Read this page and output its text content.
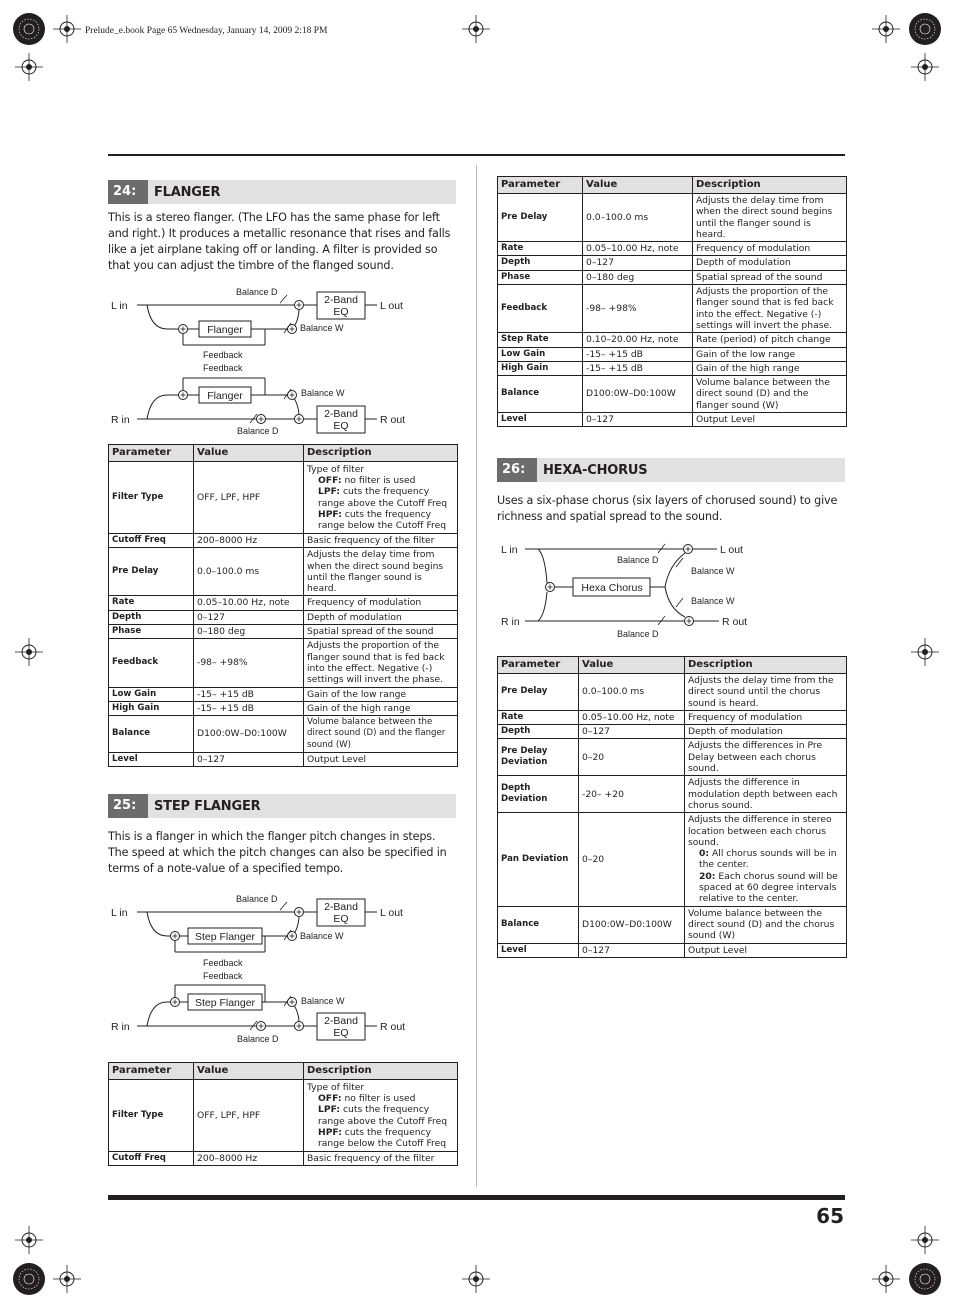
Prelude_e.book Page 65 Wednesday, January 14, 2009 2:18 PM
65
24:	FLANGER
This is a stereo flanger. (The LFO has the same phase for left and right.) It produces a metallic resonance that rises and falls like a jet airplane taking off or landing. A filter is provided so that you can adjust the timbre of the flanged sound.
L in	L out
R in	R out
Flanger
Flanger
2-Band
EQ
2-Band
EQ
Balance D
Balance W
Feedback
Feedback
Balance W
Balance D
Parameter	Value	Description
Filter Type	OFF, LPF, HPF	Type of filter
OFF: no filter is used
LPF: cuts the frequency range above the Cutoff Freq
HPF: cuts the frequency range below the Cutoff Freq

Cutoff Freq	200–8000 Hz	Basic frequency of the filter
Pre Delay	0.0–100.0 ms	Adjusts the delay time from when the direct sound begins until the flanger sound is heard.
Rate	0.05–10.00 Hz, note	Frequency of modulation
Depth	0–127	Depth of modulation
Phase	0–180 deg	Spatial spread of the sound
Feedback	-98– +98%	Adjusts the proportion of the flanger sound that is fed back into the effect. Negative (-) settings will invert the phase.
Low Gain	-15– +15 dB	Gain of the low range
High Gain	-15– +15 dB	Gain of the high range
Balance	D100:0W–D0:100W	Volume balance between the direct sound (D) and the flanger sound (W)
Level	0–127	Output Level
25:	STEP FLANGER
This is a flanger in which the flanger pitch changes in steps. The speed at which the pitch changes can also be specified in terms of a note-value of a specified tempo.
L in	L out
R in	R out
Step Flanger
Step Flanger
2-Band
EQ
2-Band
EQ
Balance D
Balance W
Feedback
Feedback
Balance W
Balance D
Parameter	Value	Description
Filter Type	OFF, LPF, HPF	Type of filter
OFF: no filter is used
LPF: cuts the frequency range above the Cutoff Freq
HPF: cuts the frequency range below the Cutoff Freq

Cutoff Freq	200–8000 Hz	Basic frequency of the filter
Parameter	Value	Description
Pre Delay	0.0–100.0 ms	Adjusts the delay time from when the direct sound begins until the flanger sound is heard.
Rate	0.05–10.00 Hz, note	Frequency of modulation
Depth	0–127	Depth of modulation
Phase	0–180 deg	Spatial spread of the sound
Feedback	-98– +98%	Adjusts the proportion of the flanger sound that is fed back into the effect. Negative (-) settings will invert the phase.
Step Rate	0.10–20.00 Hz, note	Rate (period) of pitch change
Low Gain	-15– +15 dB	Gain of the low range
High Gain	-15– +15 dB	Gain of the high range
Balance	D100:0W–D0:100W	Volume balance between the direct sound (D) and the flanger sound (W)
Level	0–127	Output Level
26:	HEXA-CHORUS
Uses a six-phase chorus (six layers of chorused sound) to give richness and spatial spread to the sound.
L in	L out
R in	R out
Hexa Chorus
Balance D
Balance W
Balance W
Balance D
Parameter	Value	Description
Pre Delay	0.0–100.0 ms	Adjusts the delay time from the direct sound until the chorus sound is heard.
Rate	0.05–10.00 Hz, note	Frequency of modulation
Depth	0–127	Depth of modulation
Pre Delay Deviation	0–20	Adjusts the differences in Pre Delay between each chorus sound.
Depth Deviation	-20– +20	Adjusts the difference in modulation depth between each chorus sound.
Pan Deviation	0–20	Adjusts the difference in stereo location between each chorus sound.
0: All chorus sounds will be in the center.
20: Each chorus sound will be spaced at 60 degree intervals relative to the center.

Balance	D100:0W–D0:100W	Volume balance between the direct sound (D) and the chorus sound (W)
Level	0–127	Output Level
